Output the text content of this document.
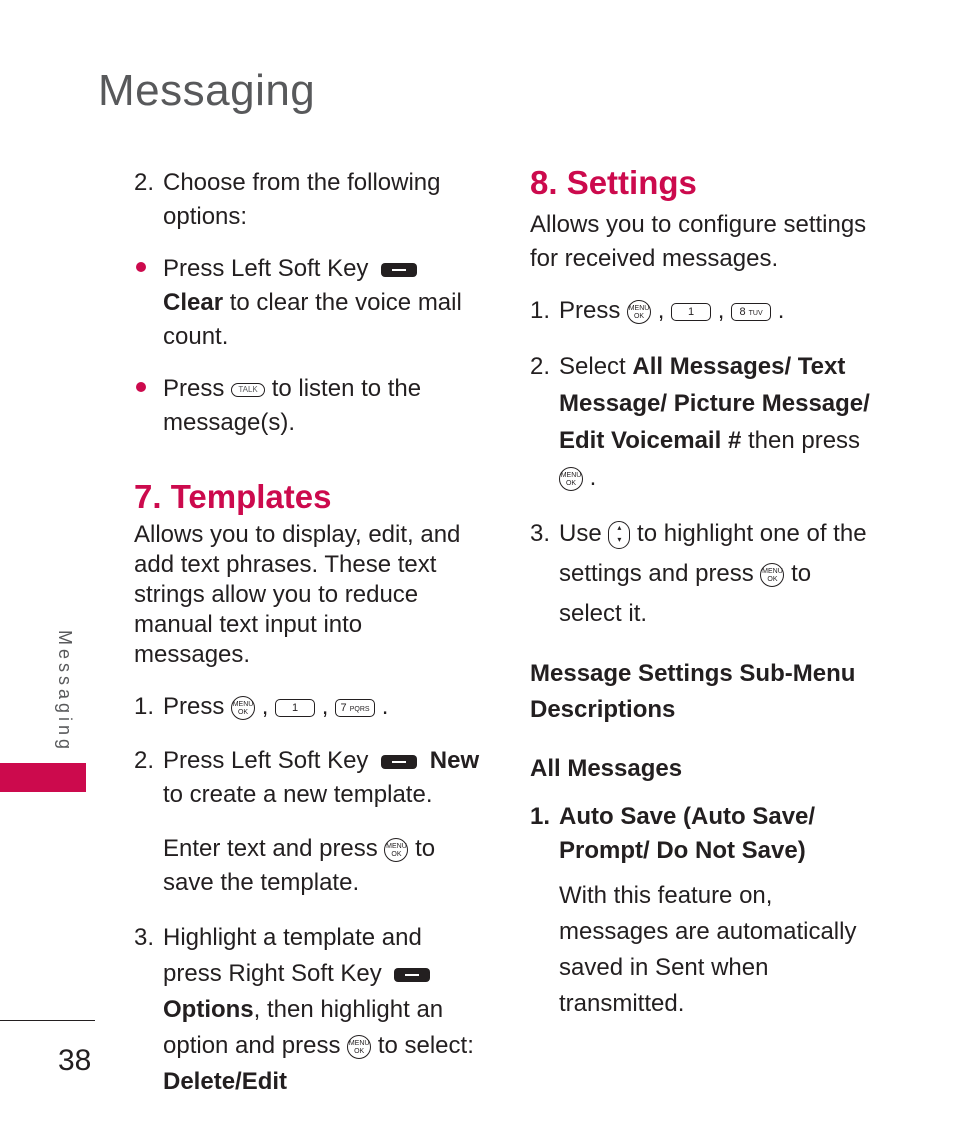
Messaging
Messaging
38
2. Choose from the following options:
Press Left Soft Key  Clear to clear the voice mail count.
Press TALK to listen to the message(s).
7. Templates
Allows you to display, edit, and add text phrases. These text strings allow you to reduce manual text input into messages.
1. Press MENU
OK , 1 , 7 PQRS .
2. Press Left Soft Key	New to create a new template.
Enter text and press MENU
OK to save the template.
3. Highlight a template and press Right Soft Key Options, then highlight an option and press MENU
OK to select:
Delete/Edit
8. Settings
Allows you to configure settings for received messages.
1. Press MENU
OK , 1 , 8 TUV .
2. Select All Messages/ Text Message/ Picture Message/ Edit Voicemail # then press MENU
OK .
3. Use ▴
▾ to highlight one of the settings and press MENU
OK to select it.
Message Settings Sub-Menu Descriptions
All Messages
1. Auto Save (Auto Save/ Prompt/ Do Not Save)
With this feature on, messages are automatically saved in Sent when transmitted.
